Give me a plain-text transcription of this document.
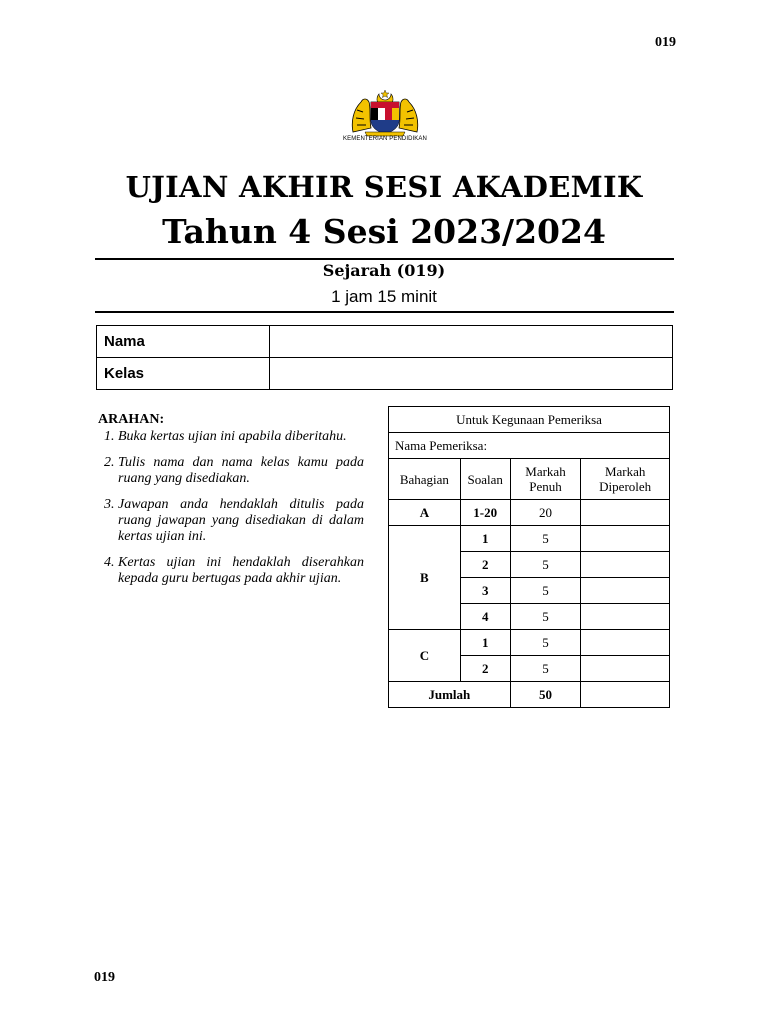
019
KEMENTERIAN PENDIDIKAN
UJIAN AKHIR SESI AKADEMIK
Tahun 4 Sesi 2023/2024
Sejarah (019)
1 jam 15 minit
Nama	
Kelas	
ARAHAN:
1. Buka kertas ujian ini apabila diberitahu.
2. Tulis nama dan nama kelas kamu pada ruang yang disediakan.
3. Jawapan anda hendaklah ditulis pada ruang jawapan yang disediakan di dalam kertas ujian ini.
4. Kertas ujian ini hendaklah diserahkan kepada guru bertugas pada akhir ujian.
Untuk Kegunaan Pemeriksa			
Nama Pemeriksa:			
Bahagian	Soalan	Markah Penuh	Markah Diperoleh
A	1-20	20	
B	1	5	
	2	5	
	3	5	
	4	5	
C	1	5	
	2	5	
Jumlah		50	
019
